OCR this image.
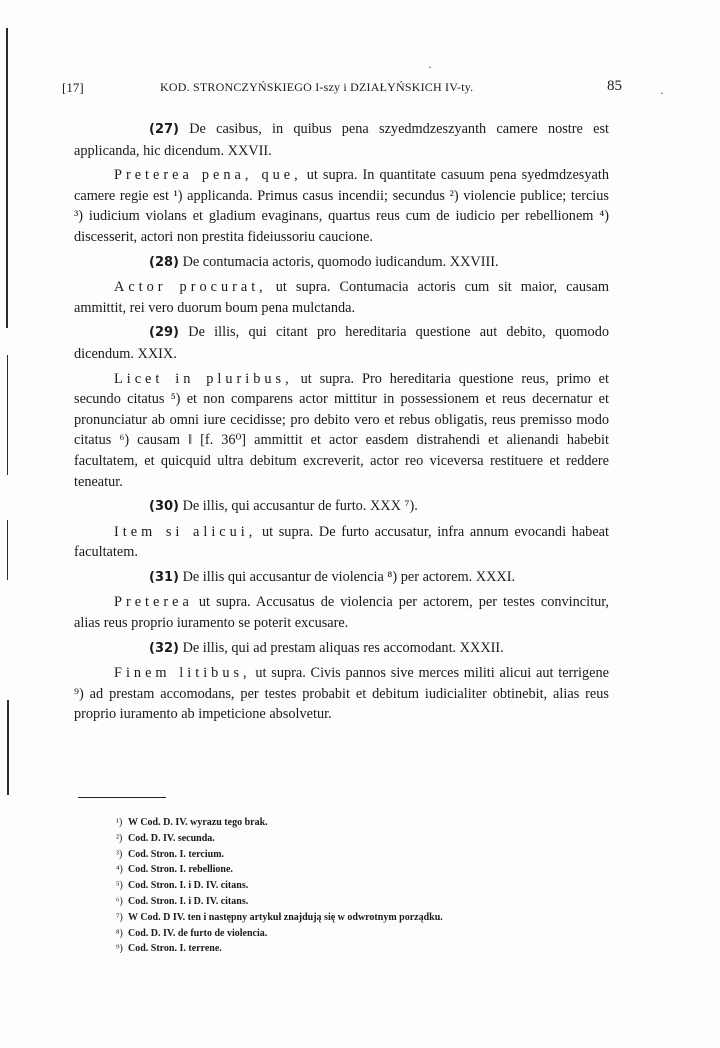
·
·
[17]	KOD. STRONCZYŃSKIEGO I-szy i DZIAŁYŃSKICH IV-ty.	85

(27) De casibus, in quibus pena szyedmdzeszyanth camere nostre est applicanda, hic dicendum. XXVII.

Preterea pena, que, ut supra. In quantitate casuum pena syedmdzesyath camere regie est ¹) applicanda. Primus casus incendii; secundus ²) violencie publice; tercius ³) iudicium violans et gladium evaginans, quartus reus cum de iudicio per rebellionem ⁴) discesserit, actori non prestita fideiussoriu caucione.

(28) De contumacia actoris, quomodo iudicandum. XXVIII.

Actor procurat, ut supra. Contumacia actoris cum sit maior, causam ammittit, rei vero duorum boum pena mulctanda.

(29) De illis, qui citant pro hereditaria questione aut debito, quomodo dicendum. XXIX.

Licet in pluribus, ut supra. Pro hereditaria questione reus, primo et secundo citatus ⁵) et non comparens actor mittitur in possessionem et reus decernatur et pronunciatur ab omni iure cecidisse; pro debito vero et rebus obligatis, reus premisso modo citatus ⁶) causam ‖ [f. 36⁰] ammittit et actor easdem distrahendi et alienandi habebit facultatem, et quicquid ultra debitum excreverit, actor reo viceversa restituere et reddere teneatur.

(30) De illis, qui accusantur de furto. XXX ⁷).

Item si alicui, ut supra. De furto accusatur, infra annum evocandi habeat facultatem.

(31) De illis qui accusantur de violencia ⁸) per actorem. XXXI.

Preterea ut supra. Accusatus de violencia per actorem, per testes convincitur, alias reus proprio iuramento se poterit excusare.

(32) De illis, qui ad prestam aliquas res accomodant. XXXII.

Finem litibus, ut supra. Civis pannos sive merces militi alicui aut terrigene ⁹) ad prestam accomodans, per testes probabit et debitum iudicialiter obtinebit, alias reus proprio iuramento ab impeticione absolvetur.

¹) W Cod. D. IV. wyrazu tego brak.
²) Cod. D. IV. secunda.
³) Cod. Stron. I. tercium.
⁴) Cod. Stron. I. rebellione.
⁵) Cod. Stron. I. i D. IV. citans.
⁶) Cod. Stron. I. i D. IV. citans.
⁷) W Cod. D IV. ten i następny artykuł znajdują się w odwrotnym porządku.
⁸) Cod. D. IV. de furto de violencia.
⁹) Cod. Stron. I. terrene.
